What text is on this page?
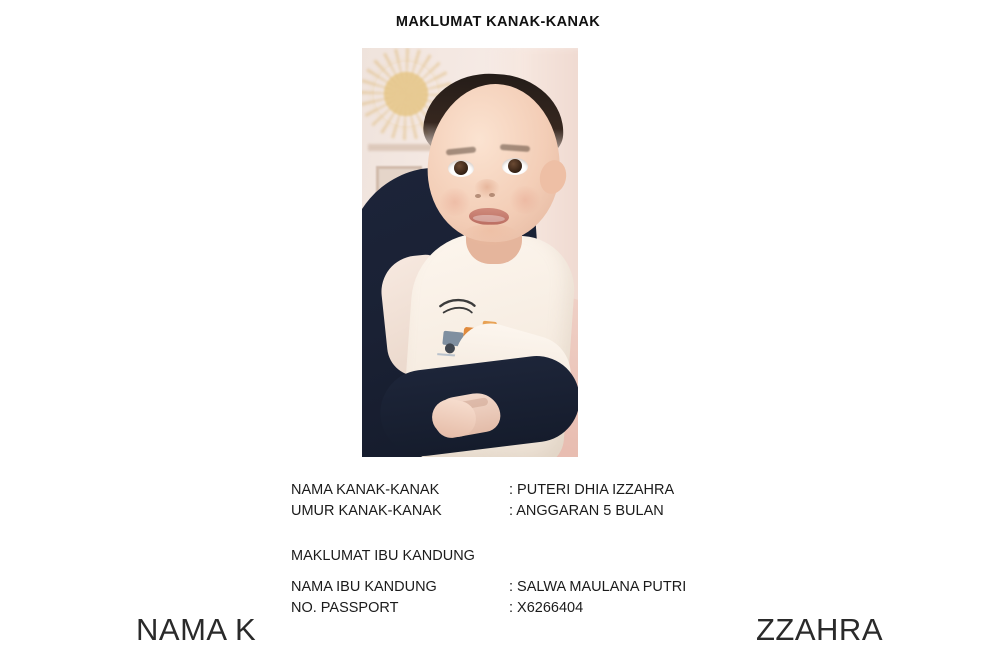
MAKLUMAT KANAK-KANAK
NAMA KANAK-KANAK	: PUTERI DHIA IZZAHRA
UMUR KANAK-KANAK	: ANGGARAN 5 BULAN
MAKLUMAT IBU KANDUNG
NAMA IBU KANDUNG	: SALWA MAULANA PUTRI
NO. PASSPORT	: X6266404
NAMA K	ZZAHRA
